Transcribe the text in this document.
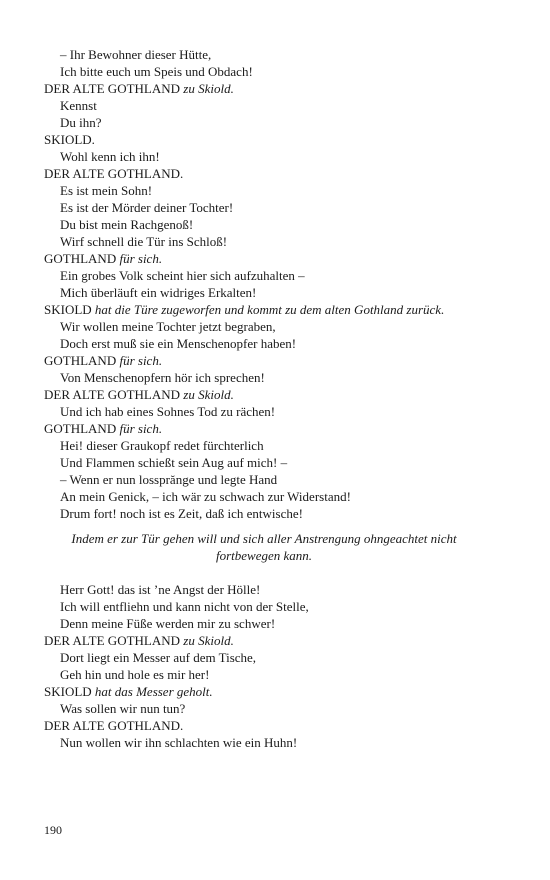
– Ihr Bewohner dieser Hütte,
Ich bitte euch um Speis und Obdach!
DER ALTE GOTHLAND zu Skiold.
Kennst
Du ihn?
SKIOLD.
Wohl kenn ich ihn!
DER ALTE GOTHLAND.
Es ist mein Sohn!
Es ist der Mörder deiner Tochter!
Du bist mein Rachgenoß!
Wirf schnell die Tür ins Schloß!
GOTHLAND für sich.
Ein grobes Volk scheint hier sich aufzuhalten –
Mich überläuft ein widriges Erkalten!
SKIOLD hat die Türe zugeworfen und kommt zu dem alten Gothland zurück.
Wir wollen meine Tochter jetzt begraben,
Doch erst muß sie ein Menschenopfer haben!
GOTHLAND für sich.
Von Menschenopfern hör ich sprechen!
DER ALTE GOTHLAND zu Skiold.
Und ich hab eines Sohnes Tod zu rächen!
GOTHLAND für sich.
Hei! dieser Graukopf redet fürchterlich
Und Flammen schießt sein Aug auf mich! –
– Wenn er nun lossprănge und legte Hand
An mein Genick, – ich wär zu schwach zur Widerstand!
Drum fort! noch ist es Zeit, daß ich entwische!
Indem er zur Tür gehen will und sich aller Anstrengung ohngeachtet nicht fortbewegen kann.
Herr Gott! das ist ’ne Angst der Hölle!
Ich will entfliehn und kann nicht von der Stelle,
Denn meine Füße werden mir zu schwer!
DER ALTE GOTHLAND zu Skiold.
Dort liegt ein Messer auf dem Tische,
Geh hin und hole es mir her!
SKIOLD hat das Messer geholt.
Was sollen wir nun tun?
DER ALTE GOTHLAND.
Nun wollen wir ihn schlachten wie ein Huhn!
190
